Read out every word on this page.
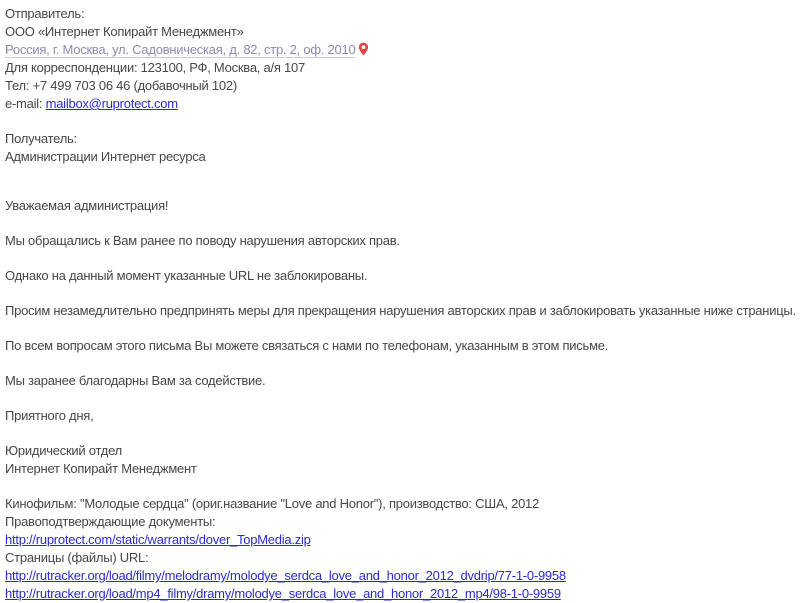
Отправитель:
ООО «Интернет Копирайт Менеджмент»
Россия, г. Москва, ул. Садовническая, д. 82, стр. 2, оф. 2010
Для корреспонденции: 123100, РФ, Москва, а/я 107
Тел: +7 499 703 06 46 (добавочный 102)
e-mail: mailbox@ruprotect.com
Получатель:
Администрации Интернет ресурса
Уважаемая администрация!
Мы обращались к Вам ранее по поводу нарушения авторских прав.
Однако на данный момент указанные URL не заблокированы.
Просим незамедлительно предпринять меры для прекращения нарушения авторских прав и заблокировать указанные ниже страницы.
По всем вопросам этого письма Вы можете связаться с нами по телефонам, указанным в этом письме.
Мы заранее благодарны Вам за содействие.
Приятного дня,
Юридический отдел
Интернет Копирайт Менеджмент
Кинофильм: "Молодые сердца" (ориг.название "Love and Honor"), производство: США, 2012
Правоподтверждающие документы:
http://ruprotect.com/static/warrants/dover_TopMedia.zip
Страницы (файлы) URL:
http://rutracker.org/load/filmy/melodramy/molodye_serdca_love_and_honor_2012_dvdrip/77-1-0-9958
http://rutracker.org/load/mp4_filmy/dramy/molodye_serdca_love_and_honor_2012_mp4/98-1-0-9959
